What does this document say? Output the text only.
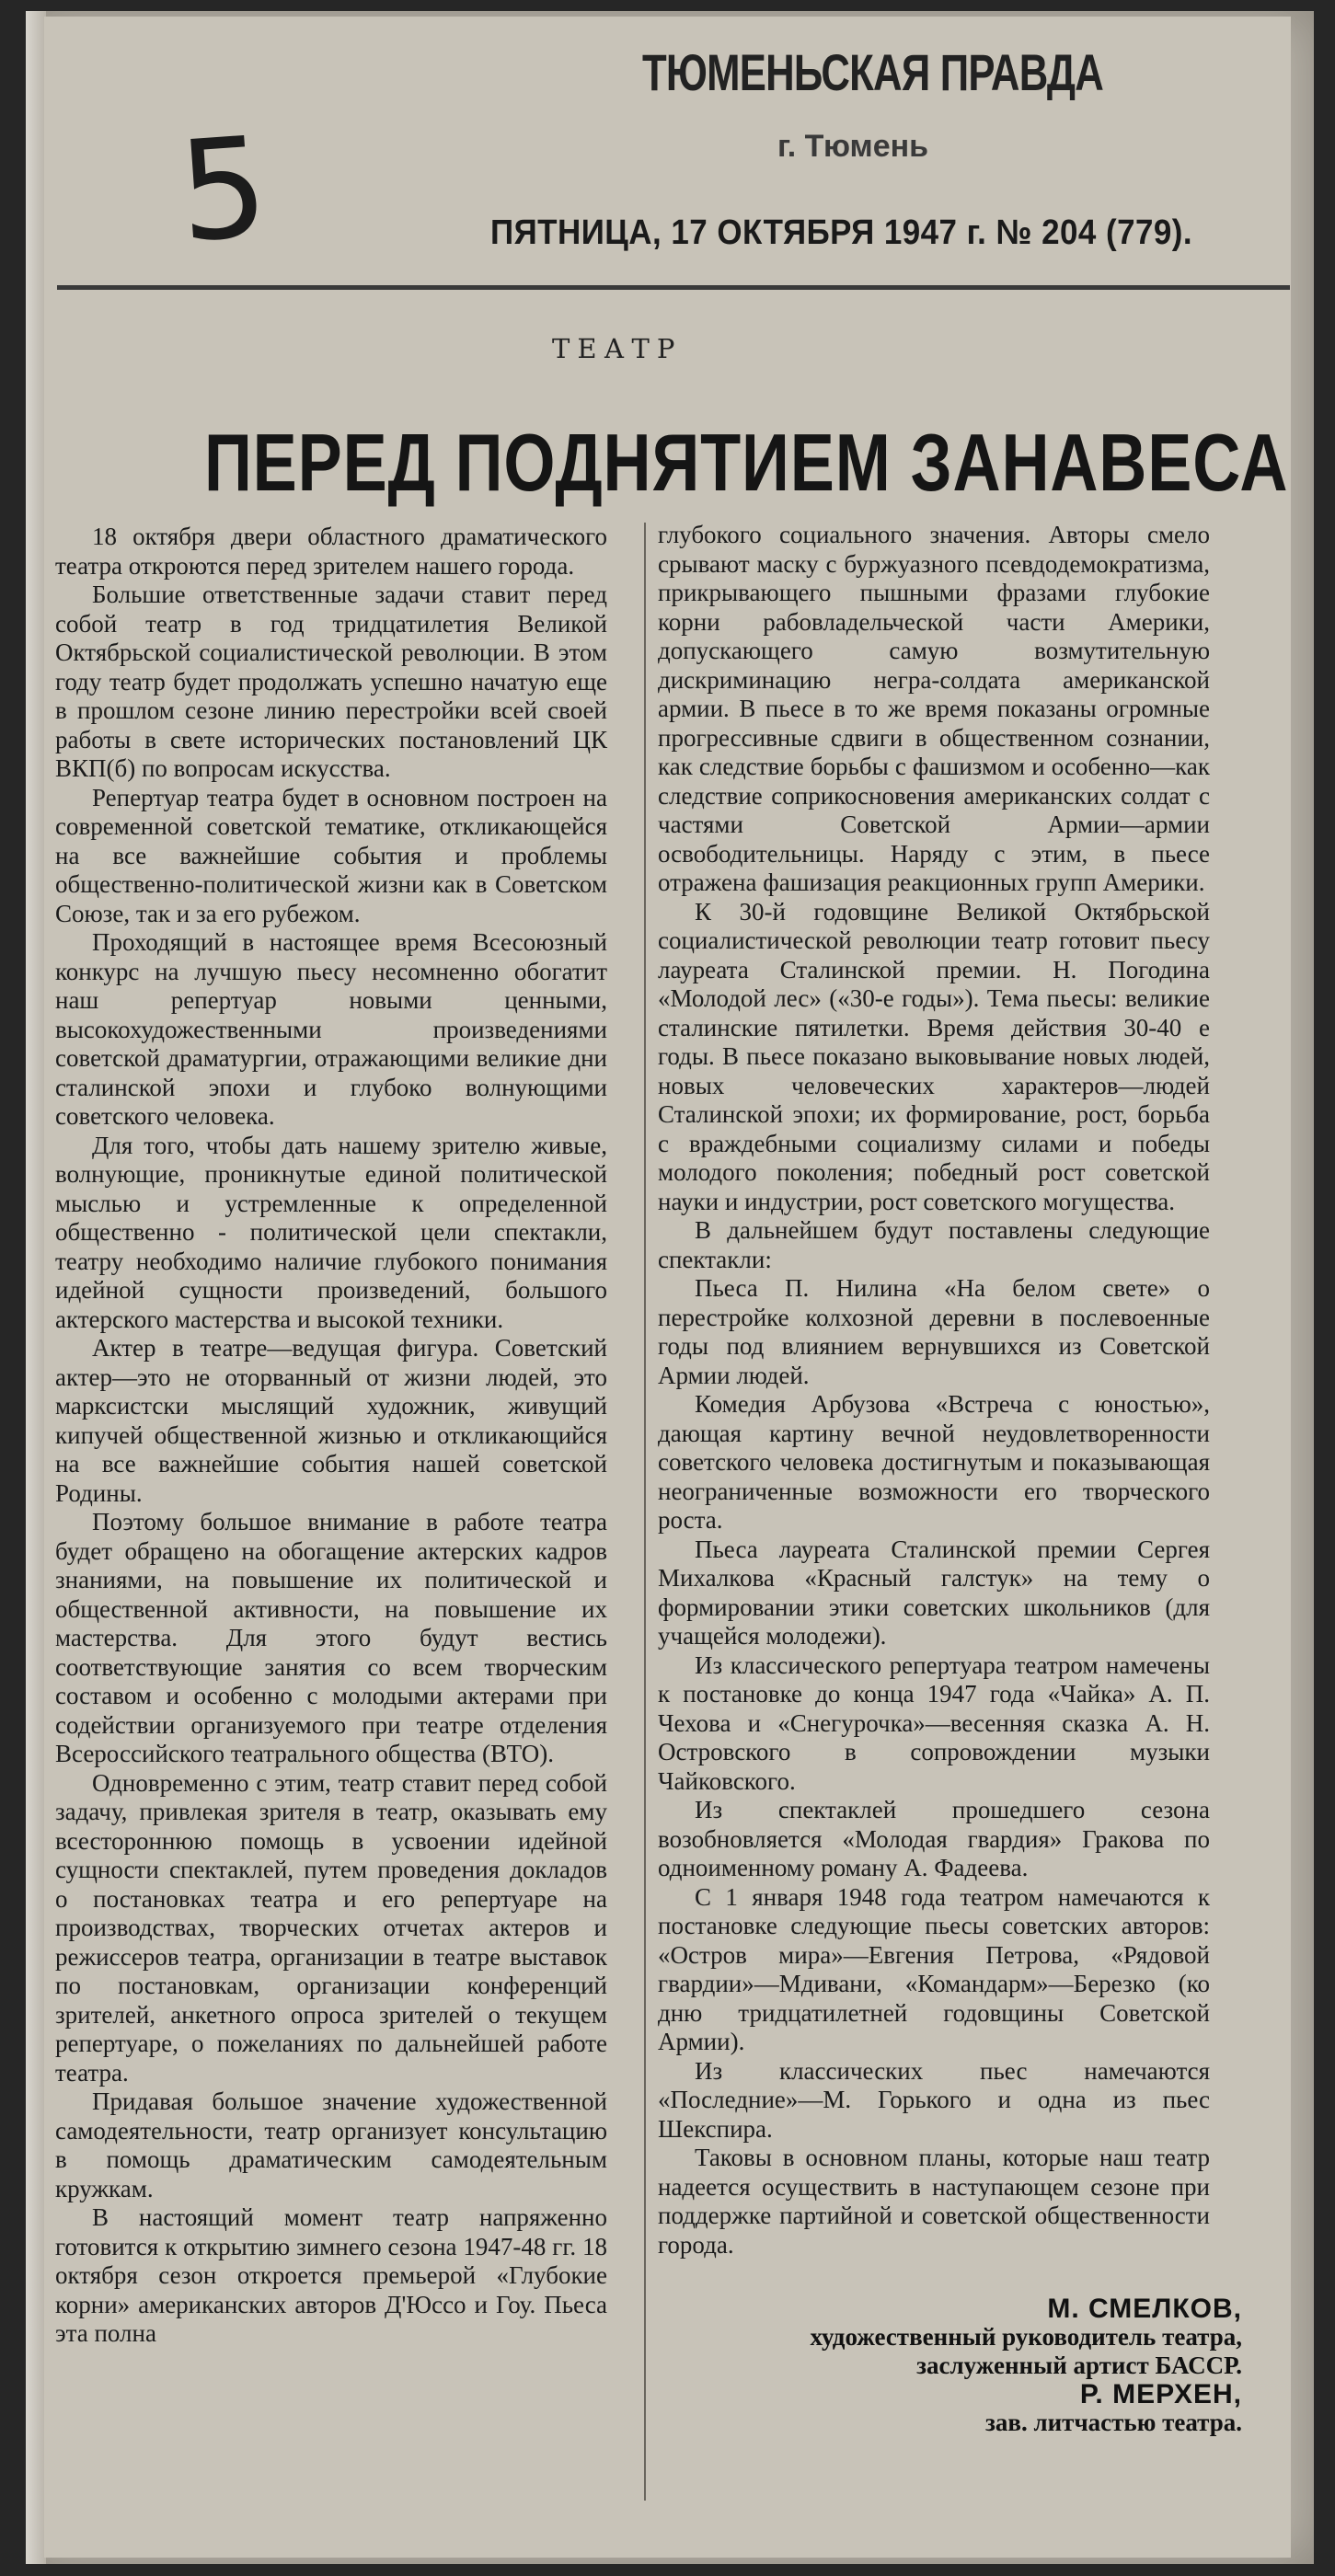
ТЮМЕНЬСКАЯ ПРАВДА
г. Тюмень
5	ПЯТНИЦА, 17 ОКТЯБРЯ 1947 г. № 204 (779).
ТЕАТР
ПЕРЕД ПОДНЯТИЕМ ЗАНАВЕСА

18 октября двери областного драматического театра откроются перед зрителем нашего города.

Большие ответственные задачи ставит перед собой театр в год тридцатилетия Великой Октябрьской социалистической революции. В этом году театр будет продолжать успешно начатую еще в прошлом сезоне линию перестройки всей своей работы в свете исторических постановлений ЦК ВКП(б) по вопросам искусства.

Репертуар театра будет в основном построен на современной советской тематике, откликающейся на все важнейшие события и проблемы общественно-политической жизни как в Советском Союзе, так и за его рубежом.

Проходящий в настоящее время Всесоюзный конкурс на лучшую пьесу несомненно обогатит наш репертуар новыми ценными, высокохудожественными произведениями советской драматургии, отражающими великие дни сталинской эпохи и глубоко волнующими советского человека.

Для того, чтобы дать нашему зрителю живые, волнующие, проникнутые единой политической мыслью и устремленные к определенной общественно - политической цели спектакли, театру необходимо наличие глубокого понимания идейной сущности произведений, большого актерского мастерства и высокой техники.

Актер в театре—ведущая фигура. Советский актер—это не оторванный от жизни людей, это марксистски мыслящий художник, живущий кипучей общественной жизнью и откликающийся на все важнейшие события нашей советской Родины.

Поэтому большое внимание в работе театра будет обращено на обогащение актерских кадров знаниями, на повышение их политической и общественной активности, на повышение их мастерства. Для этого будут вестись соответствующие занятия со всем творческим составом и особенно с молодыми актерами при содействии организуемого при театре отделения Всероссийского театрального общества (ВТО).

Одновременно с этим, театр ставит перед собой задачу, привлекая зрителя в театр, оказывать ему всестороннюю помощь в усвоении идейной сущности спектаклей, путем проведения докладов о постановках театра и его репертуаре на производствах, творческих отчетах актеров и режиссеров театра, организации в театре выставок по постановкам, организации конференций зрителей, анкетного опроса зрителей о текущем репертуаре, о пожеланиях по дальнейшей работе театра.

Придавая большое значение художественной самодеятельности, театр организует консультацию в помощь драматическим самодеятельным кружкам.

В настоящий момент театр напряженно готовится к открытию зимнего сезона 1947-48 гг. 18 октября сезон откроется премьерой «Глубокие корни» американских авторов Д'Юссо и Гоу. Пьеса эта полна

глубокого социального значения. Авторы смело срывают маску с буржуазного псевдодемократизма, прикрывающего пышными фразами глубокие корни рабовладельческой части Америки, допускающего самую возмутительную дискриминацию негра-солдата американской армии. В пьесе в то же время показаны огромные прогрессивные сдвиги в общественном сознании, как следствие борьбы с фашизмом и особенно—как следствие соприкосновения американских солдат с частями Советской Армии—армии освободительницы. Наряду с этим, в пьесе отражена фашизация реакционных групп Америки.

К 30-й годовщине Великой Октябрьской социалистической революции театр готовит пьесу лауреата Сталинской премии. Н. Погодина «Молодой лес» («30-е годы»). Тема пьесы: великие сталинские пятилетки. Время действия 30-40 е годы. В пьесе показано выковывание новых людей, новых человеческих характеров—людей Сталинской эпохи; их формирование, рост, борьба с враждебными социализму силами и победы молодого поколения; победный рост советской науки и индустрии, рост советского могущества.

В дальнейшем будут поставлены следующие спектакли:

Пьеса П. Нилина «На белом свете» о перестройке колхозной деревни в послевоенные годы под влиянием вернувшихся из Советской Армии людей.

Комедия Арбузова «Встреча с юностью», дающая картину вечной неудовлетворенности советского человека достигнутым и показывающая неограниченные возможности его творческого роста.

Пьеса лауреата Сталинской премии Сергея Михалкова «Красный галстук» на тему о формировании этики советских школьников (для учащейся молодежи).

Из классического репертуара театром намечены к постановке до конца 1947 года «Чайка» А. П. Чехова и «Снегурочка»—весенняя сказка А. Н. Островского в сопровождении музыки Чайковского.

Из спектаклей прошедшего сезона возобновляется «Молодая гвардия» Гракова по одноименному роману А. Фадеева.

С 1 января 1948 года театром намечаются к постановке следующие пьесы советских авторов: «Остров мира»—Евгения Петрова, «Рядовой гвардии»—Мдивани, «Командарм»—Березко (ко дню тридцатилетней годовщины Советской Армии).

Из классических пьес намечаются «Последние»—М. Горького и одна из пьес Шекспира.

Таковы в основном планы, которые наш театр надеется осуществить в наступающем сезоне при поддержке партийной и советской общественности города.

М. СМЕЛКОВ,
художественный руководитель театра,
заслуженный артист БАССР.
Р. МЕРХЕН,
зав. литчастью театра.
